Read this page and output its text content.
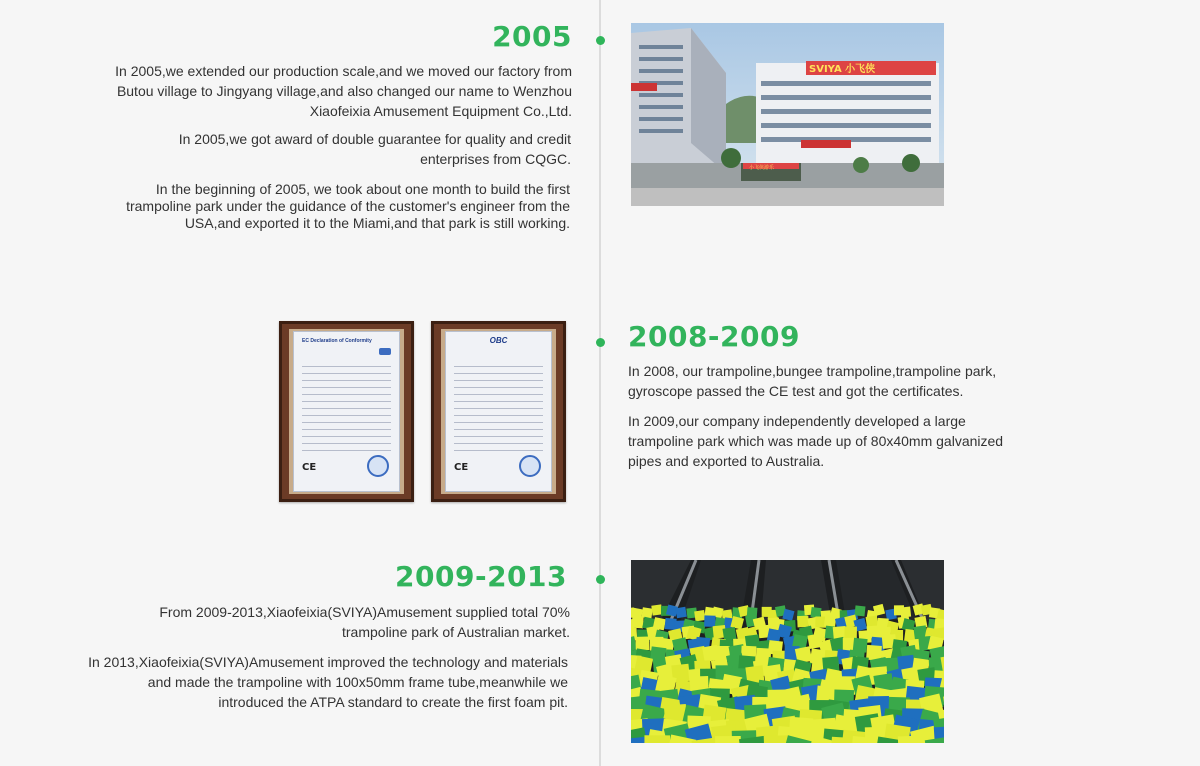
2005

In 2005,we extended our production scale,and we moved our factory from Butou village to Jingyang village,and also changed our name to Wenzhou Xiaofeixia Amusement Equipment Co.,Ltd.

In 2005,we got award of double guarantee for quality and credit enterprises from CQGC.

In the beginning of 2005, we took about one month to build the first trampoline park under the guidance of the customer's engineer from the USA,and exported it to the Miami,and that park is still working.

SVIYA 小飞侠
小飞侠游乐
2008-2009

In 2008, our trampoline,bungee trampoline,trampoline park, gyroscope passed the CE test and got the certificates.

In 2009,our company independently developed a large trampoline park which was made up of 80x40mm galvanized pipes and exported to Australia.

EC Declaration of Conformity
CE
OBC
CE
2009-2013

From 2009-2013,Xiaofeixia(SVIYA)Amusement supplied total 70% trampoline park of Australian market.

In 2013,Xiaofeixia(SVIYA)Amusement improved the technology and materials and made the trampoline with 100x50mm frame tube,meanwhile we introduced the ATPA standard to create the first foam pit.
